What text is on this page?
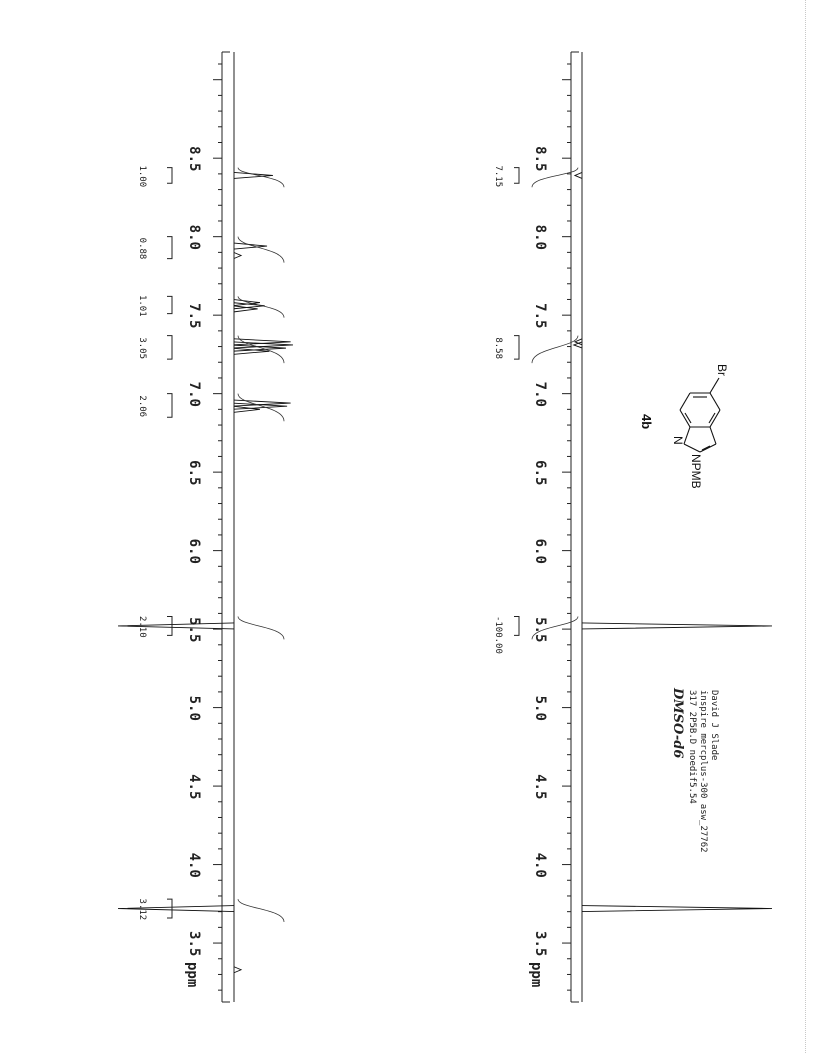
8.5
8.0
7.5
7.0
6.5
6.0
5.5
5.0
4.5
4.0
3.5
8.5
8.0
7.5
7.0
6.5
6.0
5.5
5.0
4.5
4.0
3.5
1.00
0.88
1.01
3.05
2.06
2.10
3.12
7.15
8.58
-100.00
ppm	ppm
Br
N
NPMB
4b
David J Slade
inspire mercplus-300 asw_27762
317 2P5B.D noedif5.54
DMSO-d6
